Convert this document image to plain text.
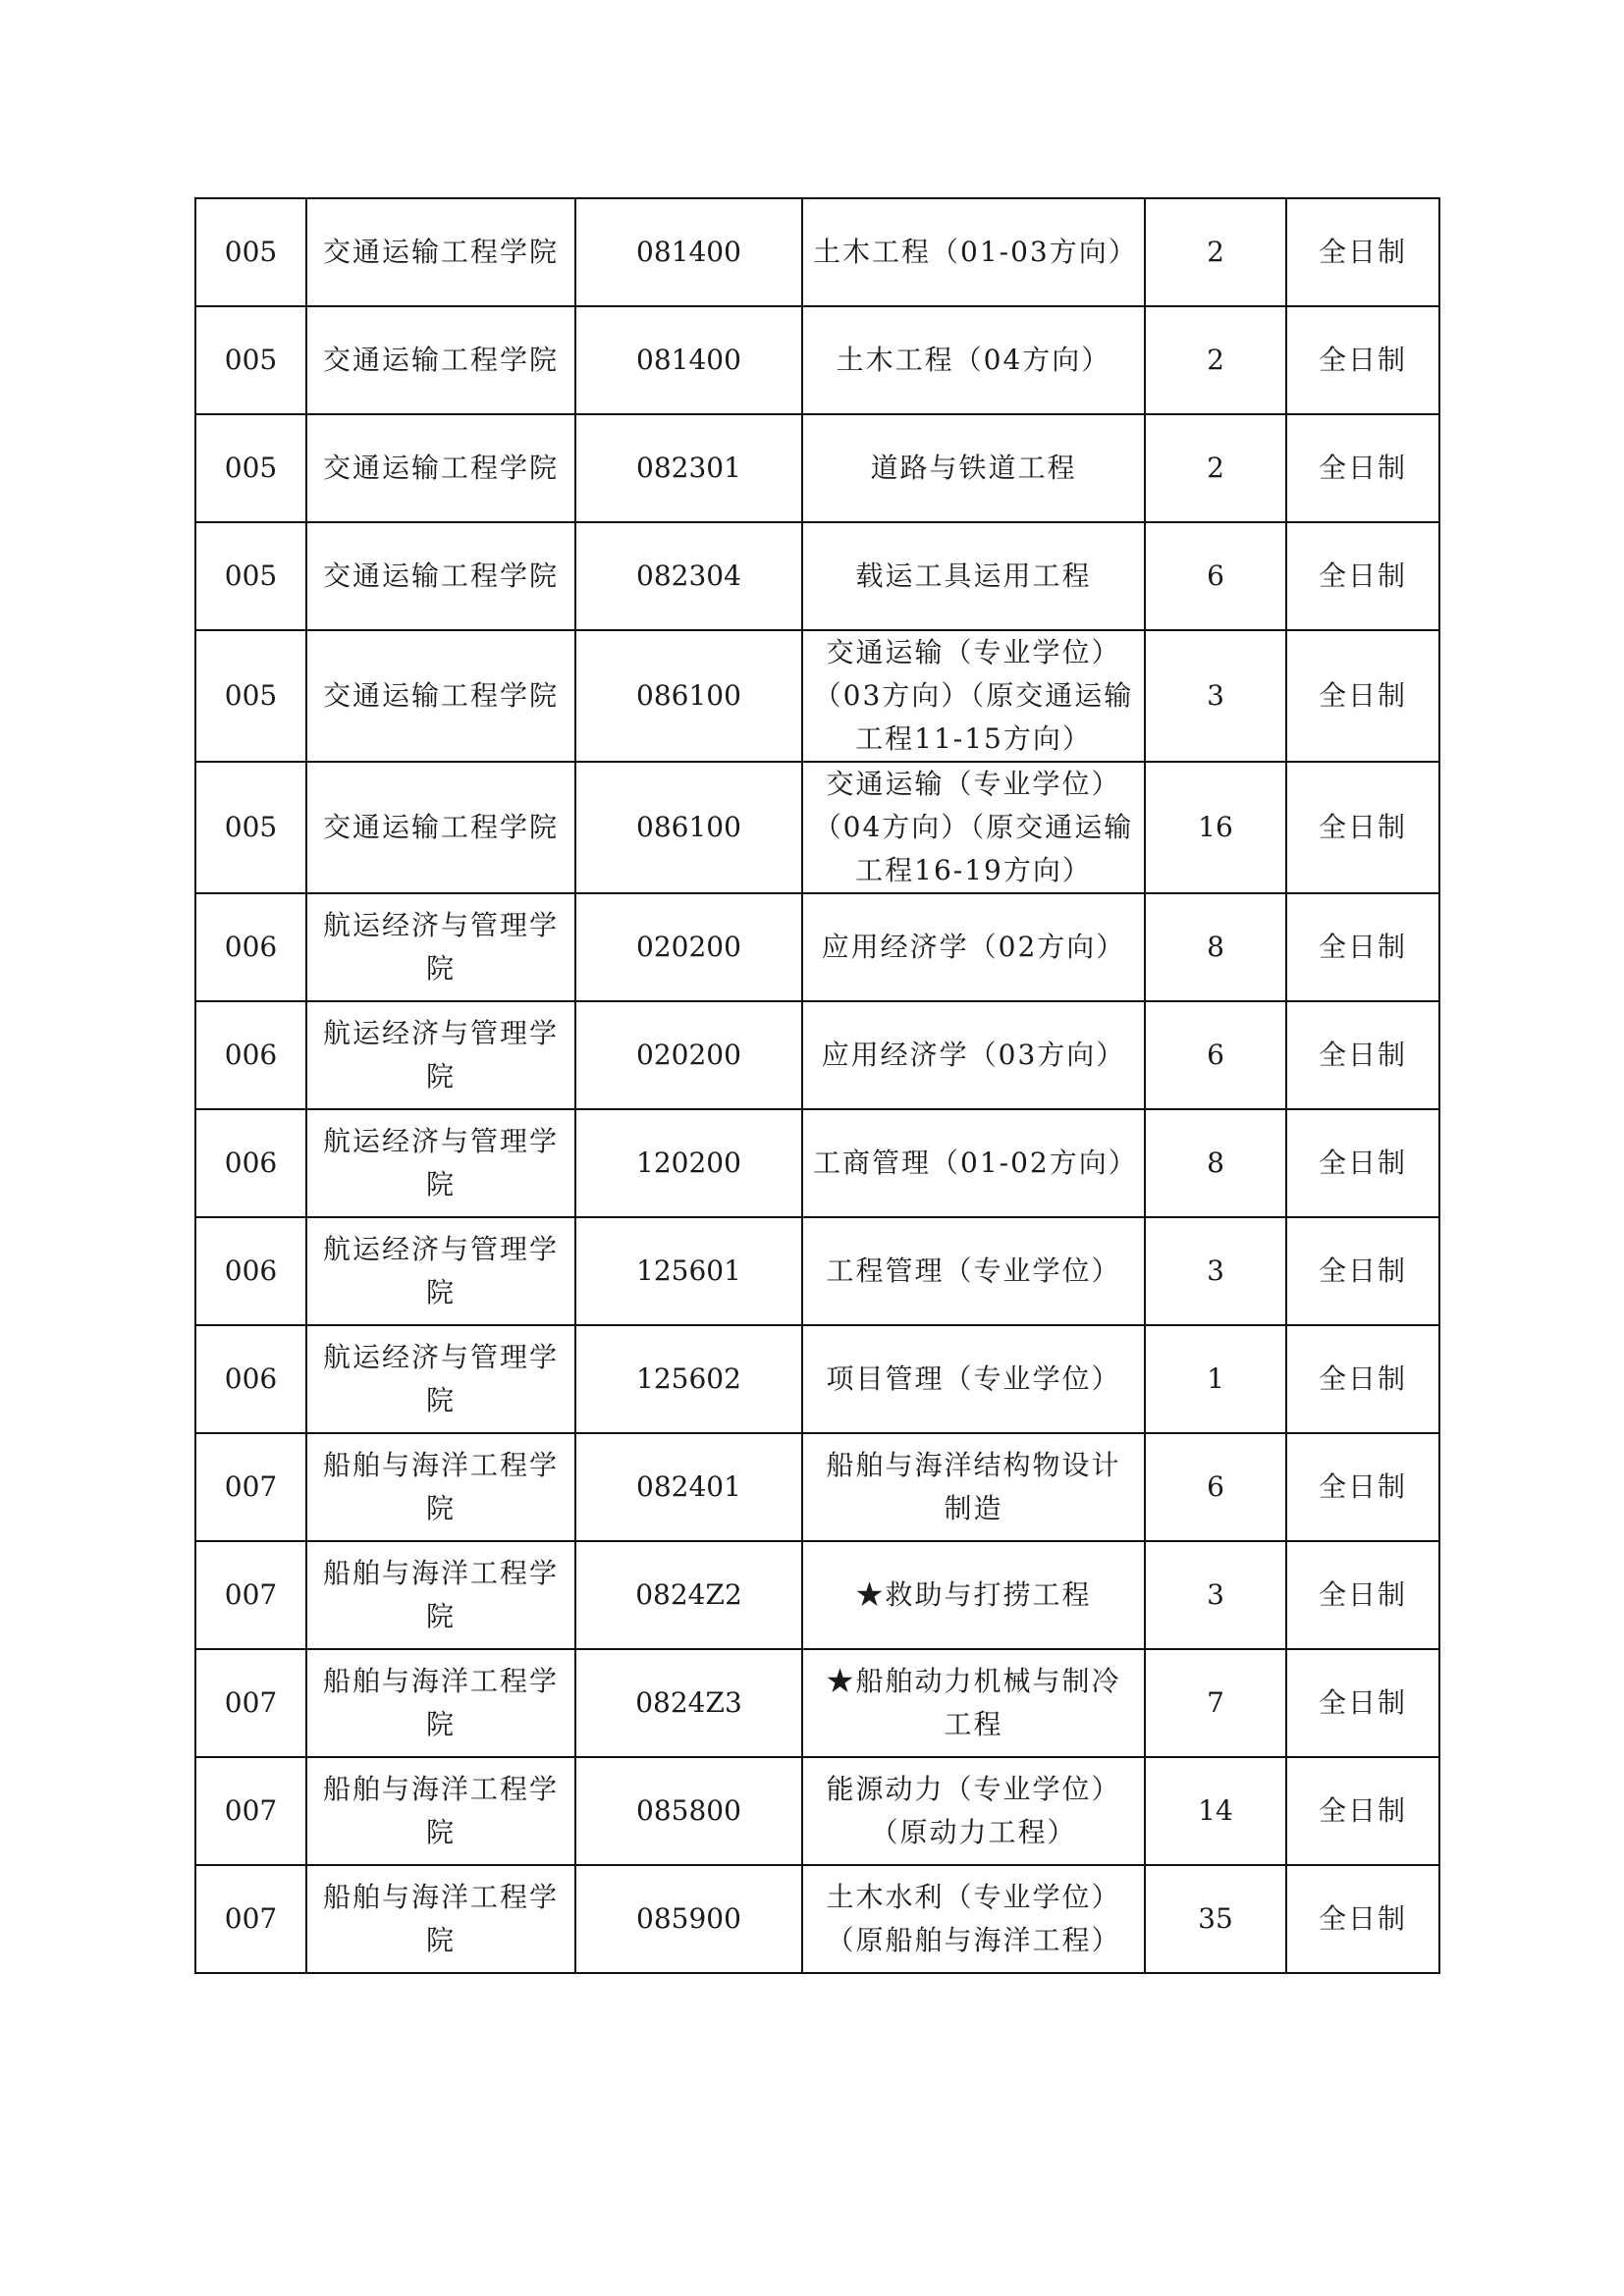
005	交通运输工程学院	081400	土木工程（01-03方向）	2	全日制
005	交通运输工程学院	081400	土木工程（04方向）	2	全日制
005	交通运输工程学院	082301	道路与铁道工程	2	全日制
005	交通运输工程学院	082304	载运工具运用工程	6	全日制
005	交通运输工程学院	086100	交通运输（专业学位）（03方向）（原交通运输工程11-15方向）	3	全日制
005	交通运输工程学院	086100	交通运输（专业学位）（04方向）（原交通运输工程16-19方向）	16	全日制
006	航运经济与管理学院	020200	应用经济学（02方向）	8	全日制
006	航运经济与管理学院	020200	应用经济学（03方向）	6	全日制
006	航运经济与管理学院	120200	工商管理（01-02方向）	8	全日制
006	航运经济与管理学院	125601	工程管理（专业学位）	3	全日制
006	航运经济与管理学院	125602	项目管理（专业学位）	1	全日制
007	船舶与海洋工程学院	082401	船舶与海洋结构物设计制造	6	全日制
007	船舶与海洋工程学院	0824Z2	★救助与打捞工程	3	全日制
007	船舶与海洋工程学院	0824Z3	★船舶动力机械与制冷工程	7	全日制
007	船舶与海洋工程学院	085800	能源动力（专业学位）（原动力工程）	14	全日制
007	船舶与海洋工程学院	085900	土木水利（专业学位）（原船舶与海洋工程）	35	全日制
